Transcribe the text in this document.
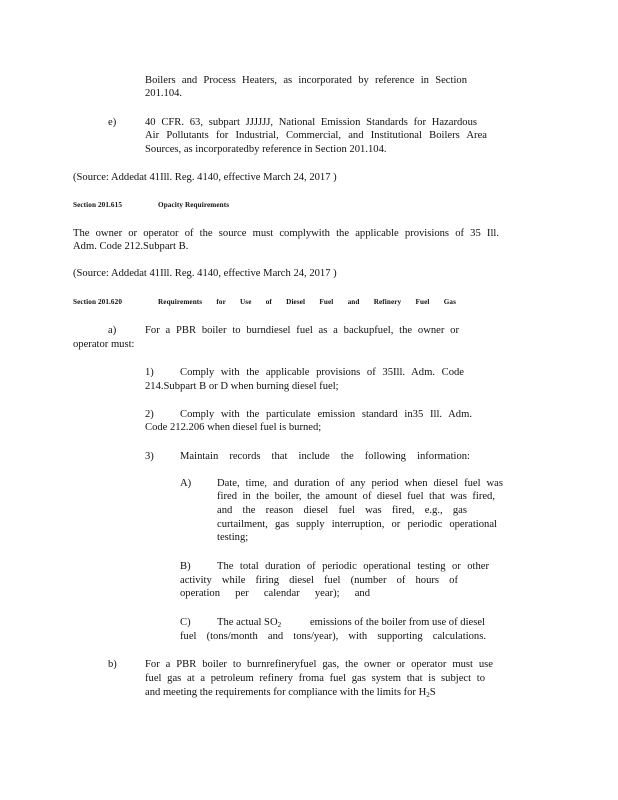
Boilers and Process Heaters, as incorporated by reference in Section
201.104.
e)	40 CFR. 63, subpart JJJJJJ, National Emission Standards for Hazardous
Air Pollutants for Industrial, Commercial, and Institutional Boilers Area
Sources, as incorporatedby reference in Section 201.104.
(Source: Addedat 41Ill. Reg. 4140, effective March 24, 2017 )
Section 201.615	Opacity Requirements
The owner or operator of the source must complywith the applicable provisions of 35 Ill.
Adm. Code 212.Subpart B.
(Source: Addedat 41Ill. Reg. 4140, effective March 24, 2017 )
Section 201.620	Requirements for Use of Diesel Fuel and Refinery Fuel Gas
a)	For a PBR boiler to burndiesel fuel as a backupfuel, the owner or
operator must:
1) Comply with the applicable provisions of 35Ill. Adm. Code
214.Subpart B or D when burning diesel fuel;
2) Comply with the particulate emission standard in35 Ill. Adm.
Code 212.206 when diesel fuel is burned;
3) Maintain records that include the following information:
A) Date, time, and duration of any period when diesel fuel was
fired in the boiler, the amount of diesel fuel that was fired,
and the reason diesel fuel was fired, e.g., gas
curtailment, gas supply interruption, or periodic operational
testing;
B) The total duration of periodic operational testing or other
activity while firing diesel fuel (number of hours of
operation per calendar year); and
C) The actual $SO_2$	emissions of the boiler from use of diesel
fuel (tons/month and tons/year), with supporting calculations.
b)	For a PBR boiler to burnrefineryfuel gas, the owner or operator must use
fuel gas at a petroleum refinery froma fuel gas system that is subject to
and meeting the requirements for compliance with the limits for $H_2S$
